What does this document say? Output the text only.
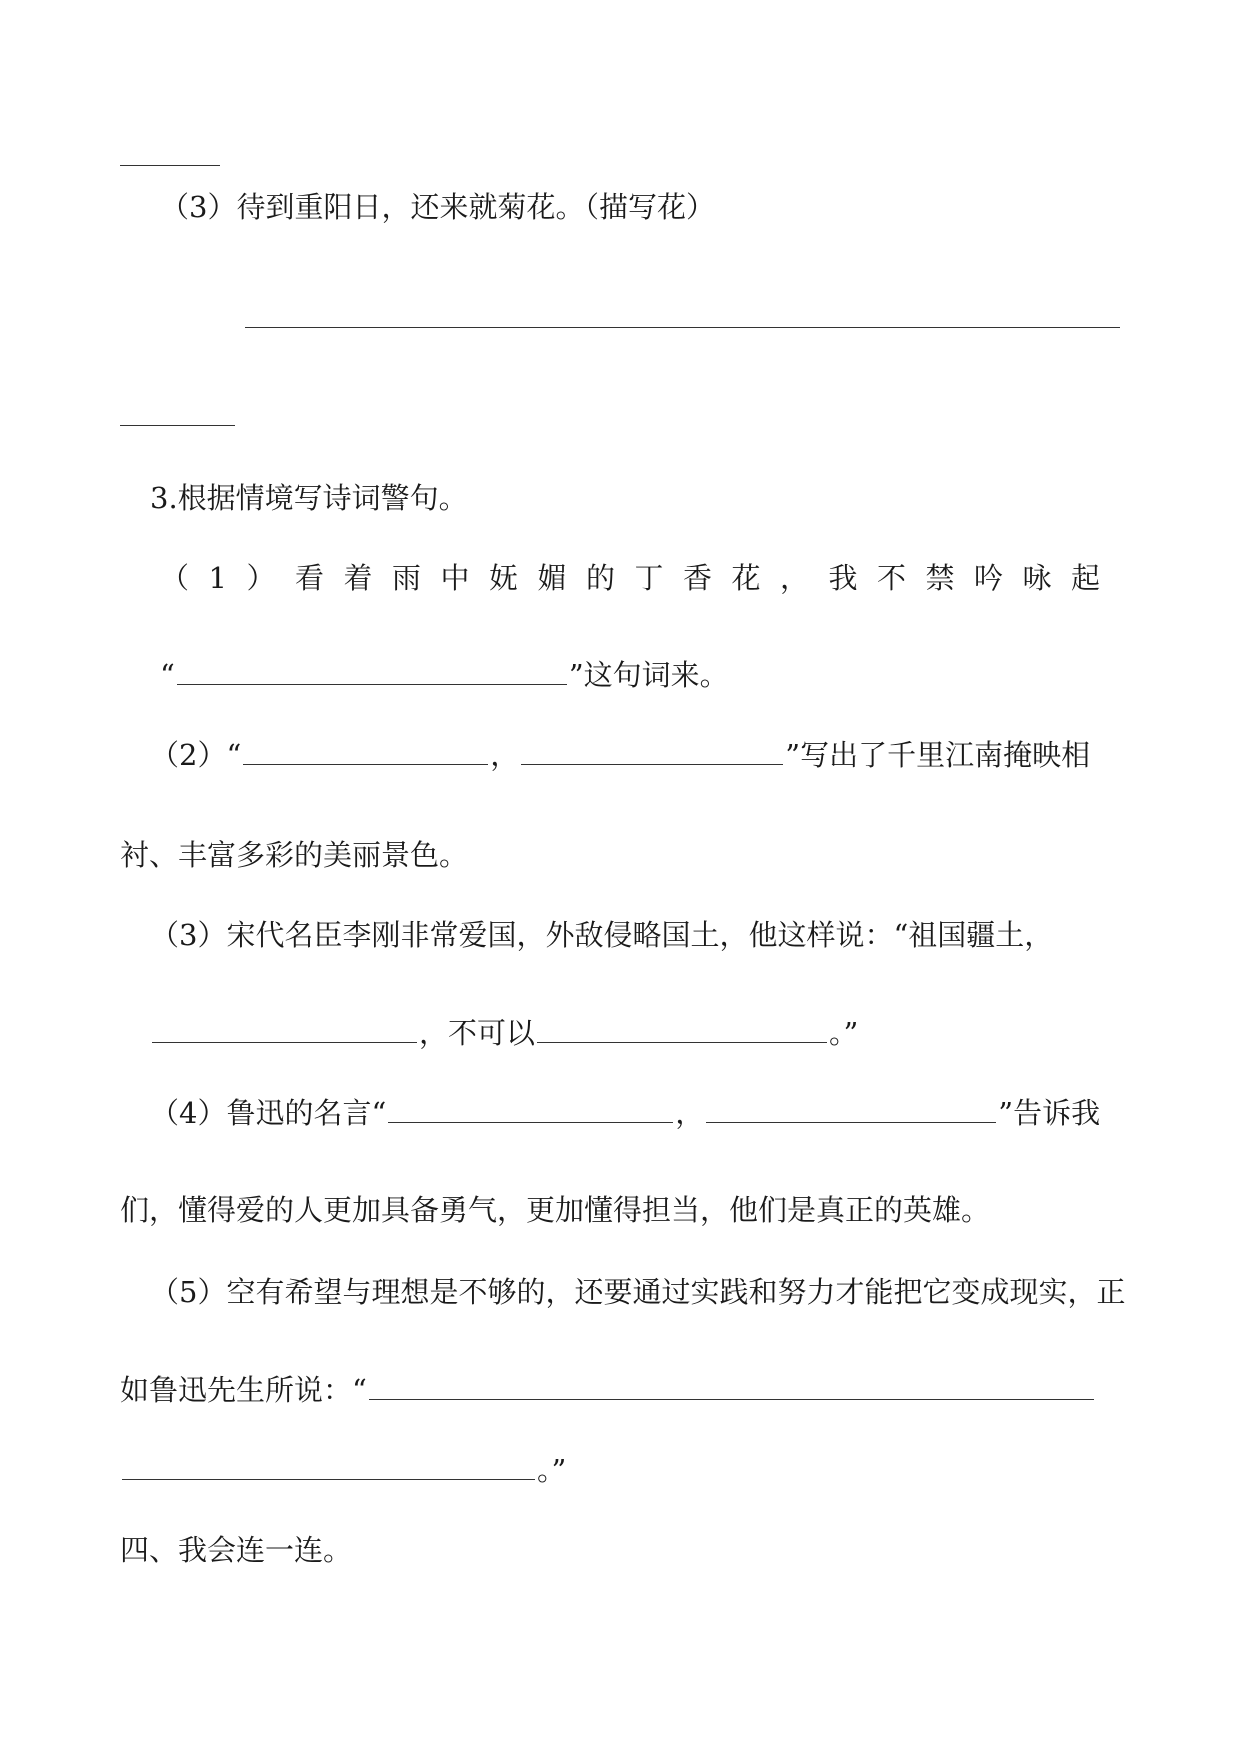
（3）待到重阳日，还来就菊花。（描写花）
3.根据情境写诗词警句。
（1）看着雨中妩媚的丁香花，我不禁吟咏起
“	”这句词来。
（2）“	，	”写出了千里江南掩映相
衬、丰富多彩的美丽景色。
（3）宋代名臣李刚非常爱国，外敌侵略国土，他这样说：“祖国疆土，
，不可以	。”
（4）鲁迅的名言“	，	”告诉我
们，懂得爱的人更加具备勇气，更加懂得担当，他们是真正的英雄。
（5）空有希望与理想是不够的，还要通过实践和努力才能把它变成现实，正
如鲁迅先生所说：“
。”
四、我会连一连。
